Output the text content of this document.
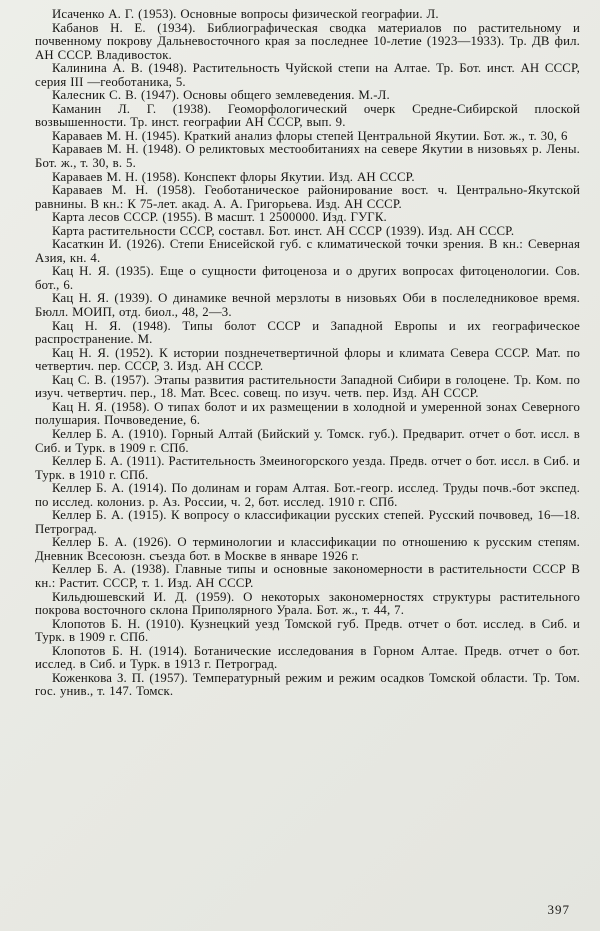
Исаченко А. Г. (1953). Основные вопросы физической географии. Л.

Кабанов Н. Е. (1934). Библиографическая сводка материалов по растительному и почвенному покрову Дальневосточного края за последнее 10-летие (1923—1933). Тр. ДВ фил. АН СССР. Владивосток.

Калинина А. В. (1948). Растительность Чуйской степи на Алтае. Тр. Бот. инст. АН СССР, серия III —геоботаника, 5.

Калесник С. В. (1947). Основы общего землеведения. М.-Л.

Каманин Л. Г. (1938). Геоморфологический очерк Средне-Сибирской плоской возвышенности. Тр. инст. географии АН СССР, вып. 9.

Караваев М. Н. (1945). Краткий анализ флоры степей Центральной Якутии. Бот. ж., т. 30, 6

Караваев М. Н. (1948). О реликтовых местообитаниях на севере Якутии в низовьях р. Лены. Бот. ж., т. 30, в. 5.

Караваев М. Н. (1958). Конспект флоры Якутии. Изд. АН СССР.

Караваев М. Н. (1958). Геоботаническое районирование вост. ч. Центрально-Якутской равнины. В кн.: К 75-лет. акад. А. А. Григорьева. Изд. АН СССР.

Карта лесов СССР. (1955). В масшт. 1 2500000. Изд. ГУГК.

Карта растительности СССР, составл. Бот. инст. АН СССР (1939). Изд. АН СССР.

Касаткин И. (1926). Степи Енисейской губ. с климатической точки зрения. В кн.: Северная Азия, кн. 4.

Кац Н. Я. (1935). Еще о сущности фитоценоза и о других вопросах фитоценологии. Сов. бот., 6.

Кац Н. Я. (1939). О динамике вечной мерзлоты в низовьях Оби в послеледниковое время. Бюлл. МОИП, отд. биол., 48, 2—3.

Кац Н. Я. (1948). Типы болот СССР и Западной Европы и их географическое распространение. М.

Кац Н. Я. (1952). К истории позднечетвертичной флоры и климата Севера СССР. Мат. по четвертич. пер. СССР, 3. Изд. АН СССР.

Кац С. В. (1957). Этапы развития растительности Западной Сибири в голоцене. Тр. Ком. по изуч. четвертич. пер., 18. Мат. Всес. совещ. по изуч. четв. пер. Изд. АН СССР.

Кац Н. Я. (1958). О типах болот и их размещении в холодной и умеренной зонах Северного полушария. Почвоведение, 6.

Келлер Б. А. (1910). Горный Алтай (Бийский у. Томск. губ.). Предварит. отчет о бот. иссл. в Сиб. и Турк. в 1909 г. СПб.

Келлер Б. А. (1911). Растительность Змеиногорского уезда. Предв. отчет о бот. иссл. в Сиб. и Турк. в 1910 г. СПб.

Келлер Б. А. (1914). По долинам и горам Алтая. Бот.-геогр. исслед. Труды почв.-бот экспед. по исслед. колониз. р. Аз. России, ч. 2, бот. исслед. 1910 г. СПб.

Келлер Б. А. (1915). К вопросу о классификации русских степей. Русский почвовед, 16—18. Петроград.

Келлер Б. А. (1926). О терминологии и классификации по отношению к русским степям. Дневник Всесоюзн. съезда бот. в Москве в январе 1926 г.

Келлер Б. А. (1938). Главные типы и основные закономерности в растительности СССР В кн.: Растит. СССР, т. 1. Изд. АН СССР.

Кильдюшевский И. Д. (1959). О некоторых закономерностях структуры растительного покрова восточного склона Приполярного Урала. Бот. ж., т. 44, 7.

Клопотов Б. Н. (1910). Кузнецкий уезд Томской губ. Предв. отчет о бот. исслед. в Сиб. и Турк. в 1909 г. СПб.

Клопотов Б. Н. (1914). Ботанические исследования в Горном Алтае. Предв. отчет о бот. исслед. в Сиб. и Турк. в 1913 г. Петроград.

Коженкова З. П. (1957). Температурный режим и режим осадков Томской области. Тр. Том. гос. унив., т. 147. Томск.

397
